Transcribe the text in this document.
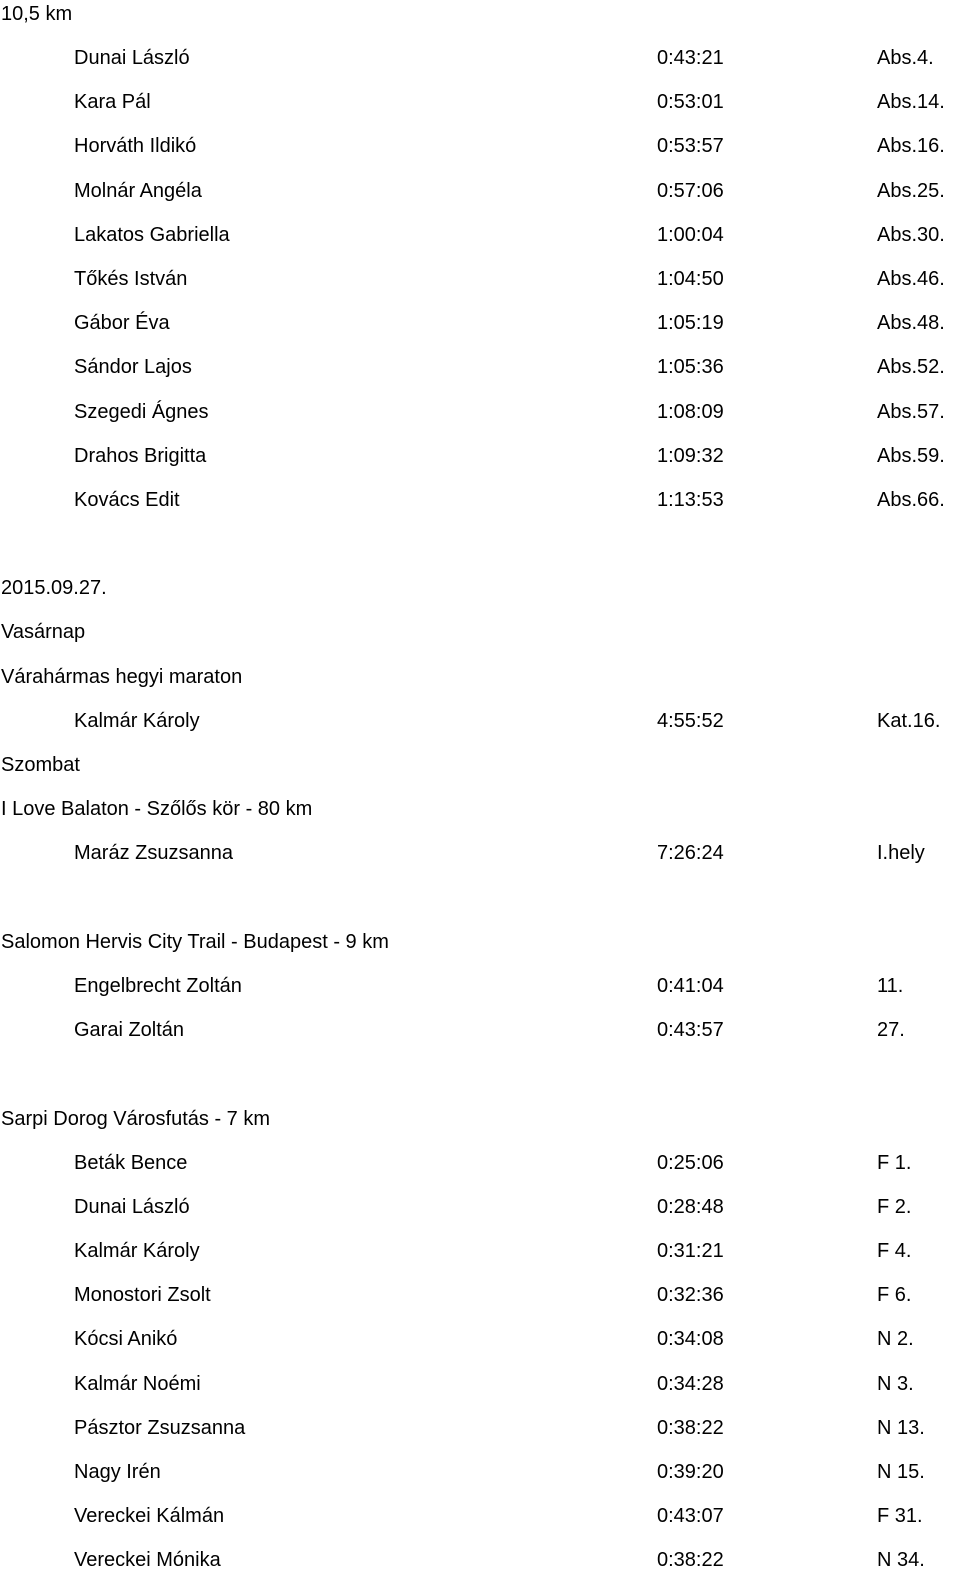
10,5 km
Dunai László	0:43:21	Abs.4.
Kara Pál	0:53:01	Abs.14.
Horváth Ildikó	0:53:57	Abs.16.
Molnár Angéla	0:57:06	Abs.25.
Lakatos Gabriella	1:00:04	Abs.30.
Tőkés István	1:04:50	Abs.46.
Gábor Éva	1:05:19	Abs.48.
Sándor Lajos	1:05:36	Abs.52.
Szegedi Ágnes	1:08:09	Abs.57.
Drahos Brigitta	1:09:32	Abs.59.
Kovács Edit	1:13:53	Abs.66.
2015.09.27.
Vasárnap
Várahármas hegyi maraton
Kalmár Károly	4:55:52	Kat.16.
Szombat
I Love Balaton - Szőlős kör - 80 km
Maráz Zsuzsanna	7:26:24	I.hely
Salomon Hervis City Trail - Budapest - 9 km
Engelbrecht Zoltán	0:41:04	11.
Garai Zoltán	0:43:57	27.
Sarpi Dorog Városfutás - 7 km
Beták Bence	0:25:06	F 1.
Dunai László	0:28:48	F 2.
Kalmár Károly	0:31:21	F 4.
Monostori Zsolt	0:32:36	F 6.
Kócsi Anikó	0:34:08	N 2.
Kalmár Noémi	0:34:28	N 3.
Pásztor Zsuzsanna	0:38:22	N 13.
Nagy Irén	0:39:20	N 15.
Vereckei Kálmán	0:43:07	F 31.
Vereckei Mónika	0:38:22	N 34.
